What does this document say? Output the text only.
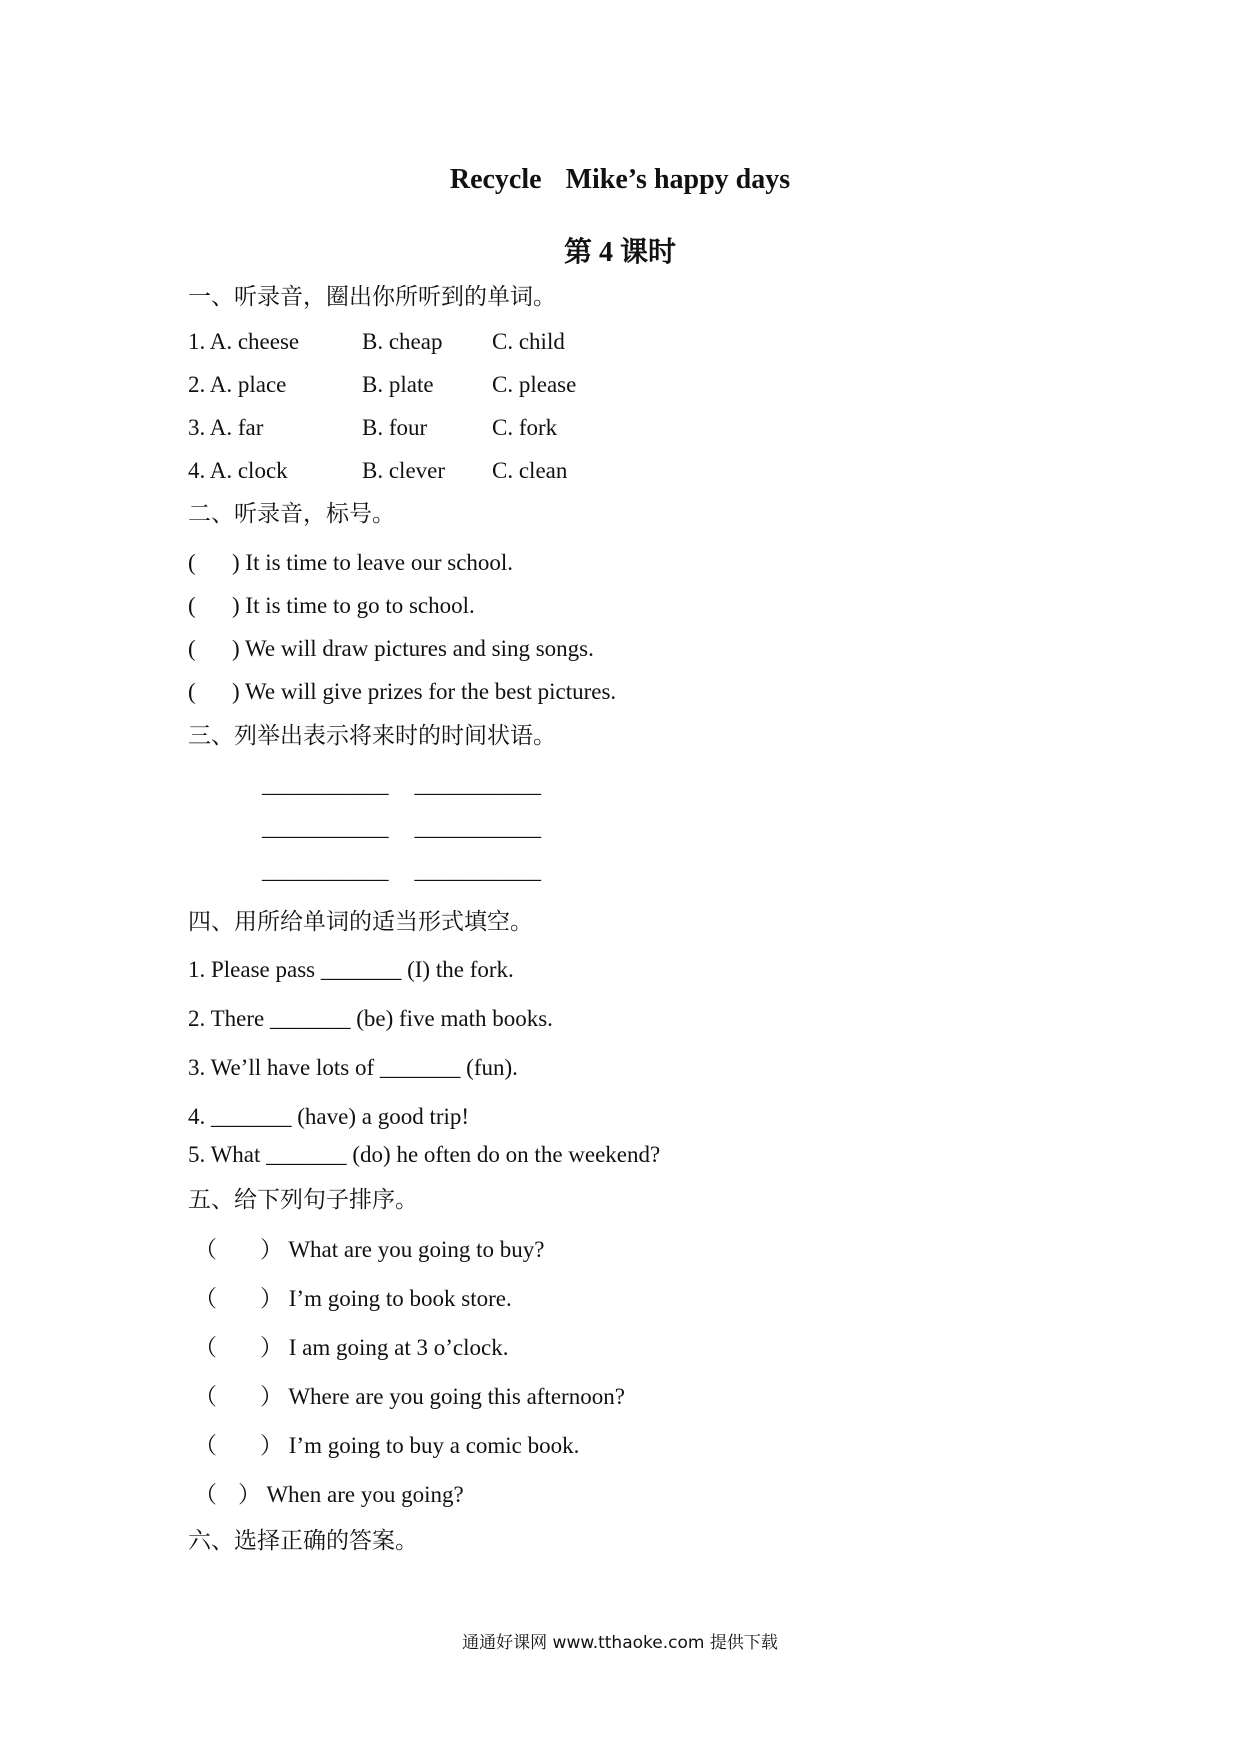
Recycle Mike’s happy days
第 4 课时
一、听录音，圈出你所听到的单词。
1. A. cheese	B. cheap C. child
2. A. place	B. plate	C. please
3. A. far	B. four	C. fork
4. A. clock	B. clever C. clean
二、听录音，标号。
( ) It is time to leave our school.
( ) It is time to go to school.
( ) We will draw pictures and sing songs.
( ) We will give prizes for the best pictures.
三、列举出表示将来时的时间状语。
___________ ___________
___________ ___________
___________ ___________
四、用所给单词的适当形式填空。
1. Please pass _______ (I) the fork.
2. There _______ (be) five math books.
3. We’ll have lots of _______ (fun).
4. _______ (have) a good trip!
5. What _______ (do) he often do on the weekend?
五、给下列句子排序。
（ ） What are you going to buy?
（ ） I’m going to book store.
（ ） I am going at 3 o’clock.
（ ） Where are you going this afternoon?
（ ） I’m going to buy a comic book.
（ ） When are you going?
六、选择正确的答案。
通通好课网 www.tthaoke.com 提供下载
